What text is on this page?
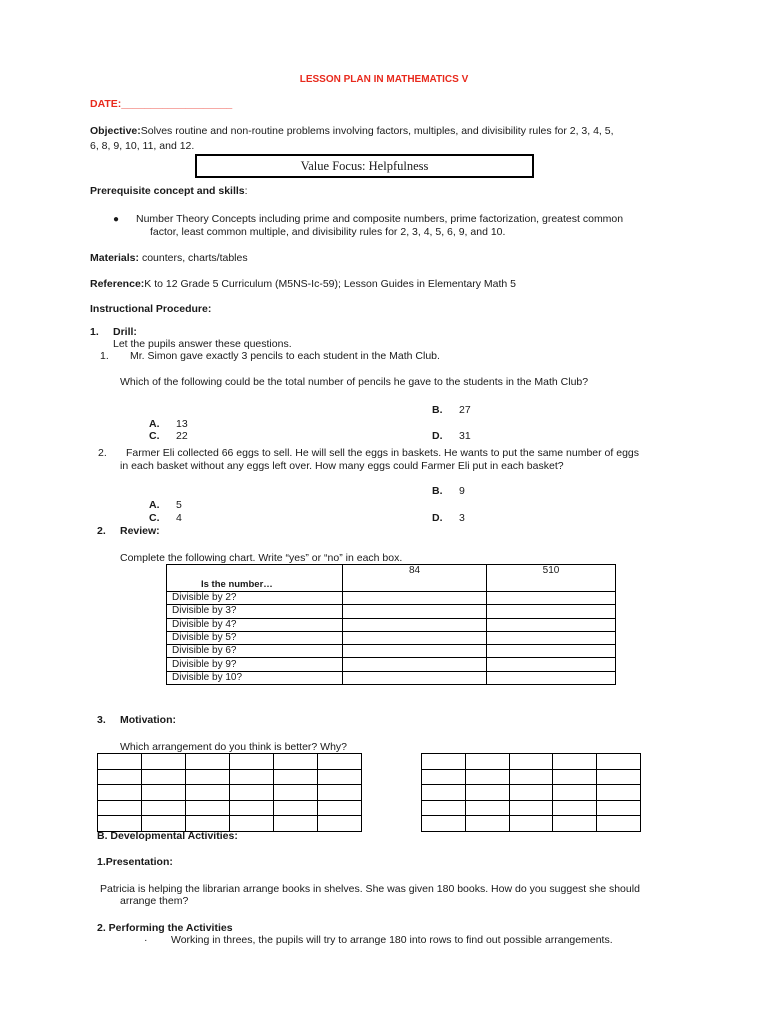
LESSON PLAN IN MATHEMATICS V
DATE:___________________
Objective:Solves routine and non-routine problems involving factors, multiples, and divisibility rules for 2, 3, 4, 5,
6, 8, 9, 10, 11, and 12.
Value Focus: Helpfulness
Prerequisite concept and skills:
● Number Theory Concepts including prime and composite numbers, prime factorization, greatest common
factor, least common multiple, and divisibility rules for 2, 3, 4, 5, 6, 9, and 10.
Materials: counters, charts/tables
Reference:K to 12 Grade 5 Curriculum (M5NS-Ic-59); Lesson Guides in Elementary Math 5
Instructional Procedure:
1. Drill:
Let the pupils answer these questions.
1. Mr. Simon gave exactly 3 pencils to each student in the Math Club.
Which of the following could be the total number of pencils he gave to the students in the Math Club?
B. 27
A. 13
C. 22	D. 31
2. Farmer Eli collected 66 eggs to sell. He will sell the eggs in baskets. He wants to put the same number of eggs
in each basket without any eggs left over. How many eggs could Farmer Eli put in each basket?
B. 9
A. 5
C. 4	D. 3
2. Review:
Complete the following chart. Write “yes” or “no” in each box.
Is the number…	84	510
Divisible by 2?		
Divisible by 3?		
Divisible by 4?		
Divisible by 5?		
Divisible by 6?		
Divisible by 9?		
Divisible by 10?		
3. Motivation:
Which arrangement do you think is better? Why?

B. Developmental Activities:
1.Presentation:
Patricia is helping the librarian arrange books in shelves. She was given 180 books. How do you suggest she should
arrange them?
2. Performing the Activities
· Working in threes, the pupils will try to arrange 180 into rows to find out possible arrangements.
